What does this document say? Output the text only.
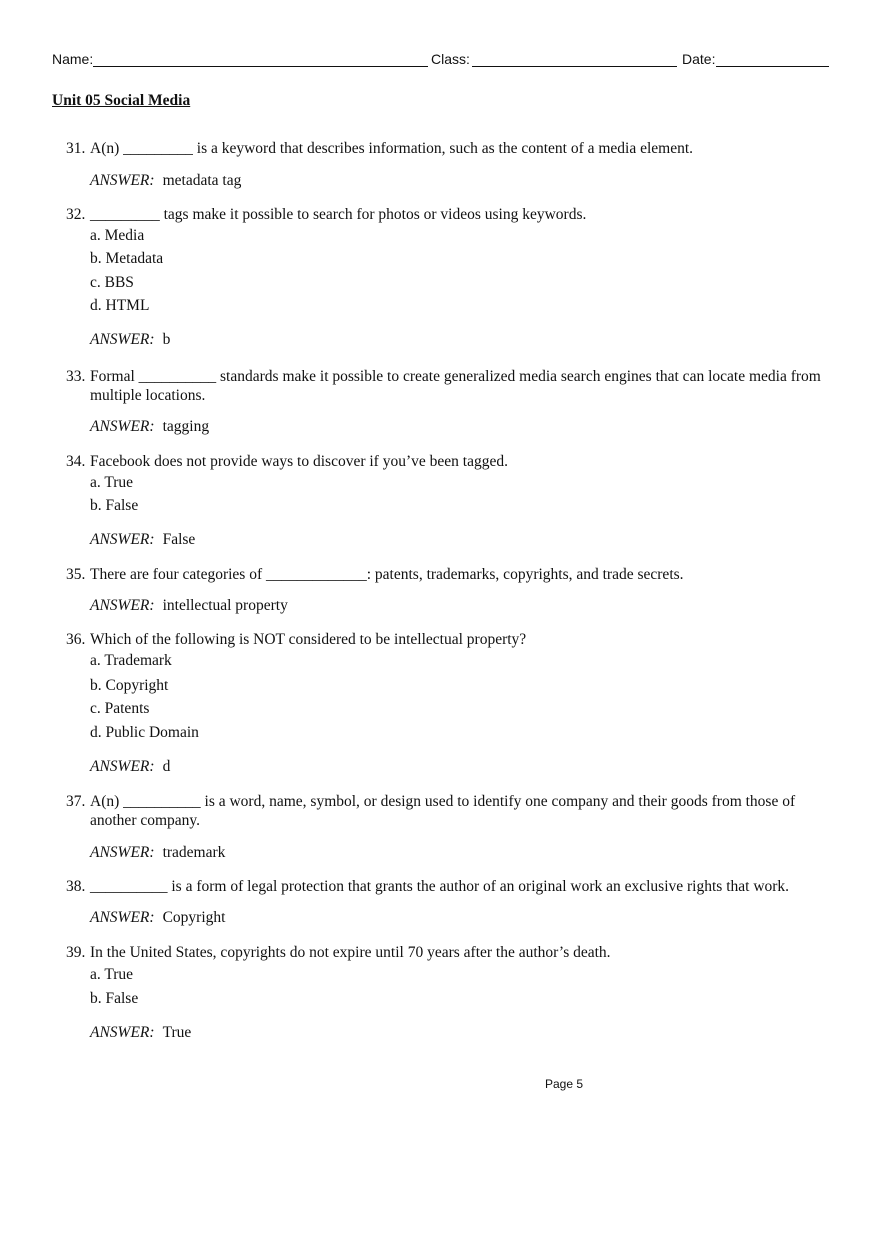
Name:	Class:	Date:
Unit 05 Social Media
31. A(n) _________ is a keyword that describes information, such as the content of a media element.
ANSWER: metadata tag
32. _________ tags make it possible to search for photos or videos using keywords.
a. Media
b. Metadata
c. BBS
d. HTML
ANSWER: b
33. Formal __________ standards make it possible to create generalized media search engines that can locate media from multiple locations.
ANSWER: tagging
34. Facebook does not provide ways to discover if you’ve been tagged.
a. True
b. False
ANSWER: False
35. There are four categories of _____________: patents, trademarks, copyrights, and trade secrets.
ANSWER: intellectual property
36. Which of the following is NOT considered to be intellectual property?
a. Trademark
b. Copyright
c. Patents
d. Public Domain
ANSWER: d
37. A(n) __________ is a word, name, symbol, or design used to identify one company and their goods from those of another company.
ANSWER: trademark
38. __________ is a form of legal protection that grants the author of an original work an exclusive rights that work.
ANSWER: Copyright
39. In the United States, copyrights do not expire until 70 years after the author’s death.
a. True
b. False
ANSWER: True
Page 5
